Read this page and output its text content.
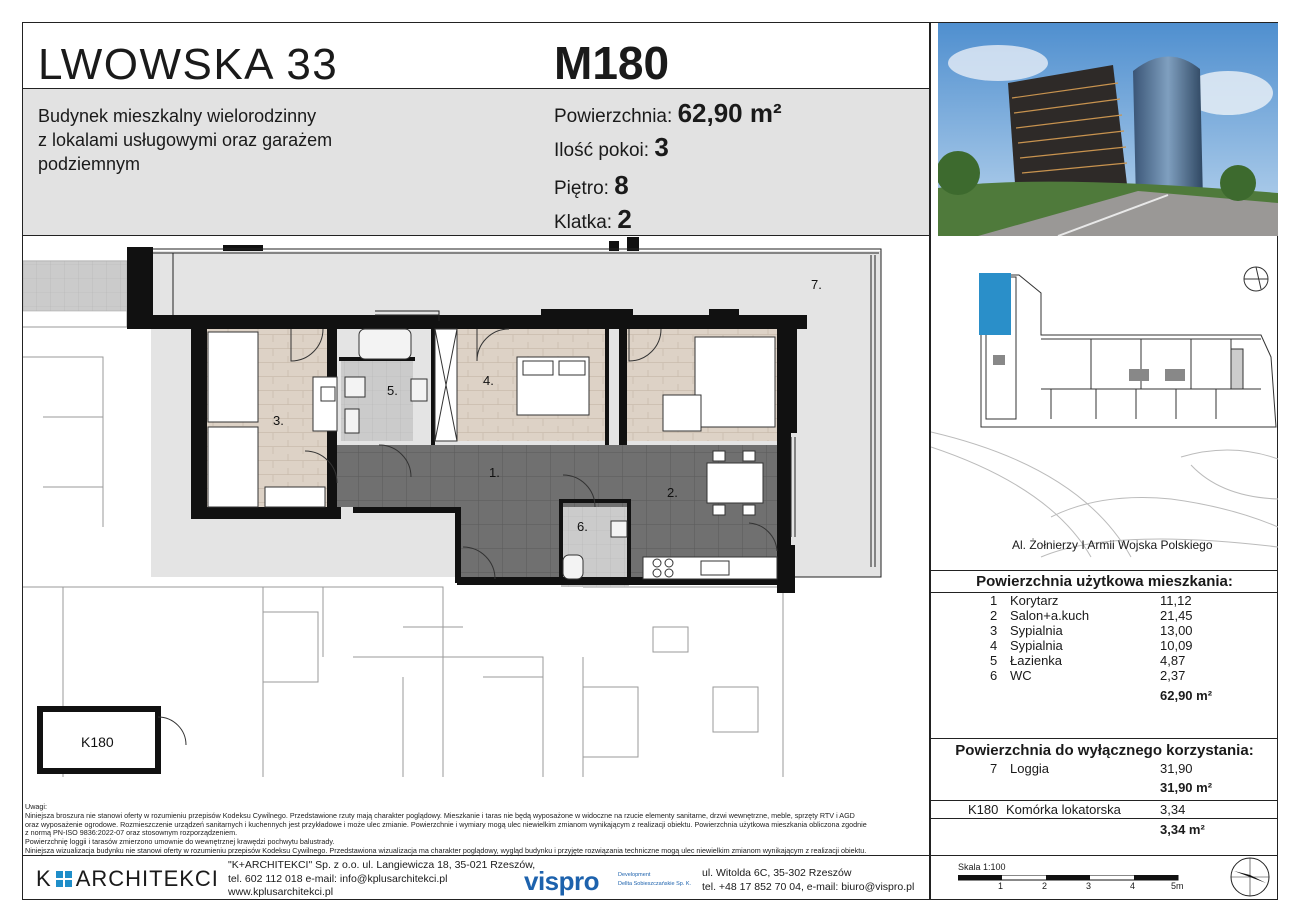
LWOWSKA 33	M180
Budynek mieszkalny wielorodzinny
z lokalami usługowymi oraz garażem
podziemnym
Powierzchnia: 62,90 m²
Ilość pokoi: 3
Piętro: 8
Klatka: 2
K180
1.
2.
3.
4.
5.
6.
7.
Uwagi:
Niniejsza broszura nie stanowi oferty w rozumieniu przepisów Kodeksu Cywilnego. Przedstawione rzuty mają charakter poglądowy. Mieszkanie i taras nie będą wyposażone w widoczne na rzucie elementy sanitarne, drzwi wewnętrzne, meble, sprzęty RTV i AGD
oraz wyposażenie ogrodowe. Rozmieszczenie urządzeń sanitarnych i kuchennych jest przykładowe i może ulec zmianie. Powierzchnie i wymiary mogą ulec niewielkim zmianom wynikającym z realizacji obiektu. Powierzchnia użytkowa mieszkania obliczona zgodnie
z normą PN-ISO 9836:2022-07 oraz stosownym rozporządzeniem.
Powierzchnię loggii i tarasów zmierzono umownie do wewnętrznej krawędzi pochwytu balustrady.
Niniejsza wizualizacja budynku nie stanowi oferty w rozumieniu przepisów Kodeksu Cywilnego. Przedstawiona wizualizacja ma charakter poglądowy, wygląd budynku i przyjęte rozwiązania techniczne mogą ulec niewielkim zmianom wynikającym z realizacji obiektu.
K ARCHITEKCI
"K+ARCHITEKCI" Sp. z o.o. ul. Langiewicza 18, 35-021 Rzeszów,
tel. 602 112 018 e-mail: info@kplusarchitekci.pl
www.kplusarchitekci.pl	vispro	Development
Dellta Sobieszczańskie Sp. K.
ul. Witolda 6C, 35-302 Rzeszów
tel. +48 17 852 70 04, e-mail: biuro@vispro.pl
Al. Żołnierzy I Armii Wojska Polskiego
Powierzchnia użytkowa mieszkania:
1 Korytarz	11,12
2 Salon+a.kuch	21,45
3 Sypialnia	13,00
4 Sypialnia	10,09
5 Łazienka	4,87
6 WC	2,37
62,90 m²
Powierzchnia do wyłącznego korzystania:
7 Loggia	31,90
31,90 m²
K180 Komórka lokatorska	3,34
3,34 m²
Skala 1:100
1	2	3	4	5m
